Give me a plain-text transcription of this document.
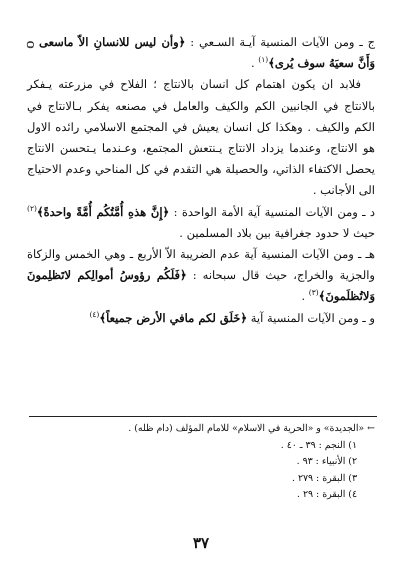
ج ـ ومن الآيات المنسية آيـة السـعي : ﴿وأن ليس للانسانِ الاّ ماسعى ۝ وَأَنَّ سعيَهُ سوف يُرى﴾$^{(١)}$ .

فلابد ان يكون اهتمام كل انسان بالانتاج ؛ الفلاح في مزرعته يـفكر بالانتاج في الجانبين الكم والكيف والعامل في مصنعه يفكر بـالانتاج في الكم والكيف . وهكذا كل انسان يعيش في المجتمع الاسلامي رائده الاول هو الانتاج، وعندما يزداد الانتاج يـنتعش المجتمع، وعـندما يـتحسن الانتاج يحصل الاكتفاء الذاتي، والحصيلة هي التقدم في كل المناحي وعدم الاحتياج الى الأجانب .

د ـ ومن الآيات المنسية آية الأمة الواحدة : ﴿إِنَّ هذهِ أُمَّتُكُم أُمَّةً واحدةً﴾$^{(٢)}$ حيث لا حدود جغرافية بين بلاد المسلمين .

هـ ـ ومن الآيات المنسية آية عدم الضريبة الاّ الأربع ـ وهي الخمس والزكاة والجزية والخراج، حيث قال سبحانه : ﴿فَلَكُم رؤوسُ أموالِكم لاتَظلِمونَ وَلاتُظلَمونَ﴾$^{(٣)}$ .

و ـ ومن الآيات المنسية آية ﴿خَلَق لكم مافي الأرض جميعاً﴾$^{(٤)}$

← «الجديدة» و «الحرية في الاسلام» للامام المؤلف (دام ظله) .
١) النجم : ٣٩ ـ ٤٠ .
٢) الأنبياء : ٩٣ .
٣) البقرة : ٢٧٩ .
٤) البقرة : ٢٩ .
٣٧
